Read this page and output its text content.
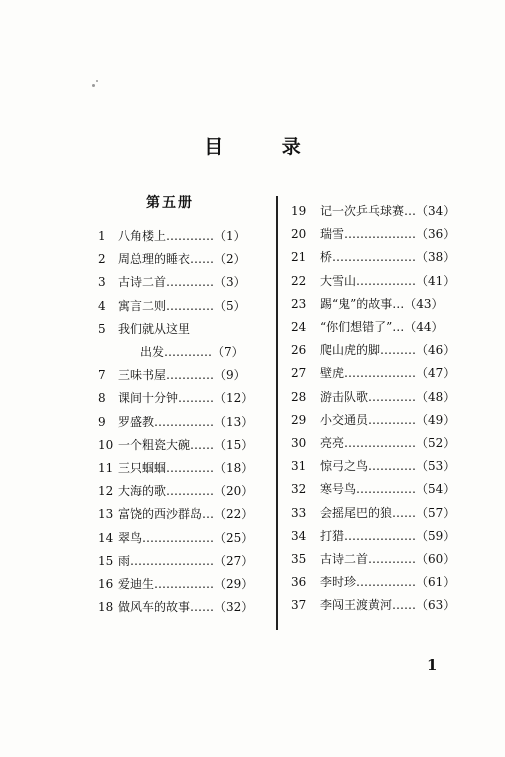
目 录
第五册
1	八角楼上…………（1）
2	周总理的睡衣……（2）
3	古诗二首…………（3）
4	寓言二则…………（5）
5	我们就从这里
出发…………（7）
7	三味书屋…………（9）
8	课间十分钟………（12）
9	罗盛教……………（13）
10 一个粗瓷大碗……（15）
11 三只蝈蝈…………（18）
12 大海的歌…………（20）
13 富饶的西沙群岛…（22）
14 翠鸟………………（25）
15 雨…………………（27）
16 爱迪生……………（29）
18 做风车的故事……（32）
19	记一次乒乓球赛…（34）
20	瑞雪………………（36）
21	桥…………………（38）
22	大雪山……………（41）
23	踢“鬼”的故事…（43）
24	“你们想错了”…（44）
26	爬山虎的脚………（46）
27	壁虎………………（47）
28	游击队歌…………（48）
29	小交通员…………（49）
30	亮亮………………（52）
31	惊弓之鸟…………（53）
32	寒号鸟……………（54）
33	会摇尾巴的狼……（57）
34	打猎………………（59）
35	古诗二首…………（60）
36	李时珍……………（61）
37	李闯王渡黄河……（63）
1
